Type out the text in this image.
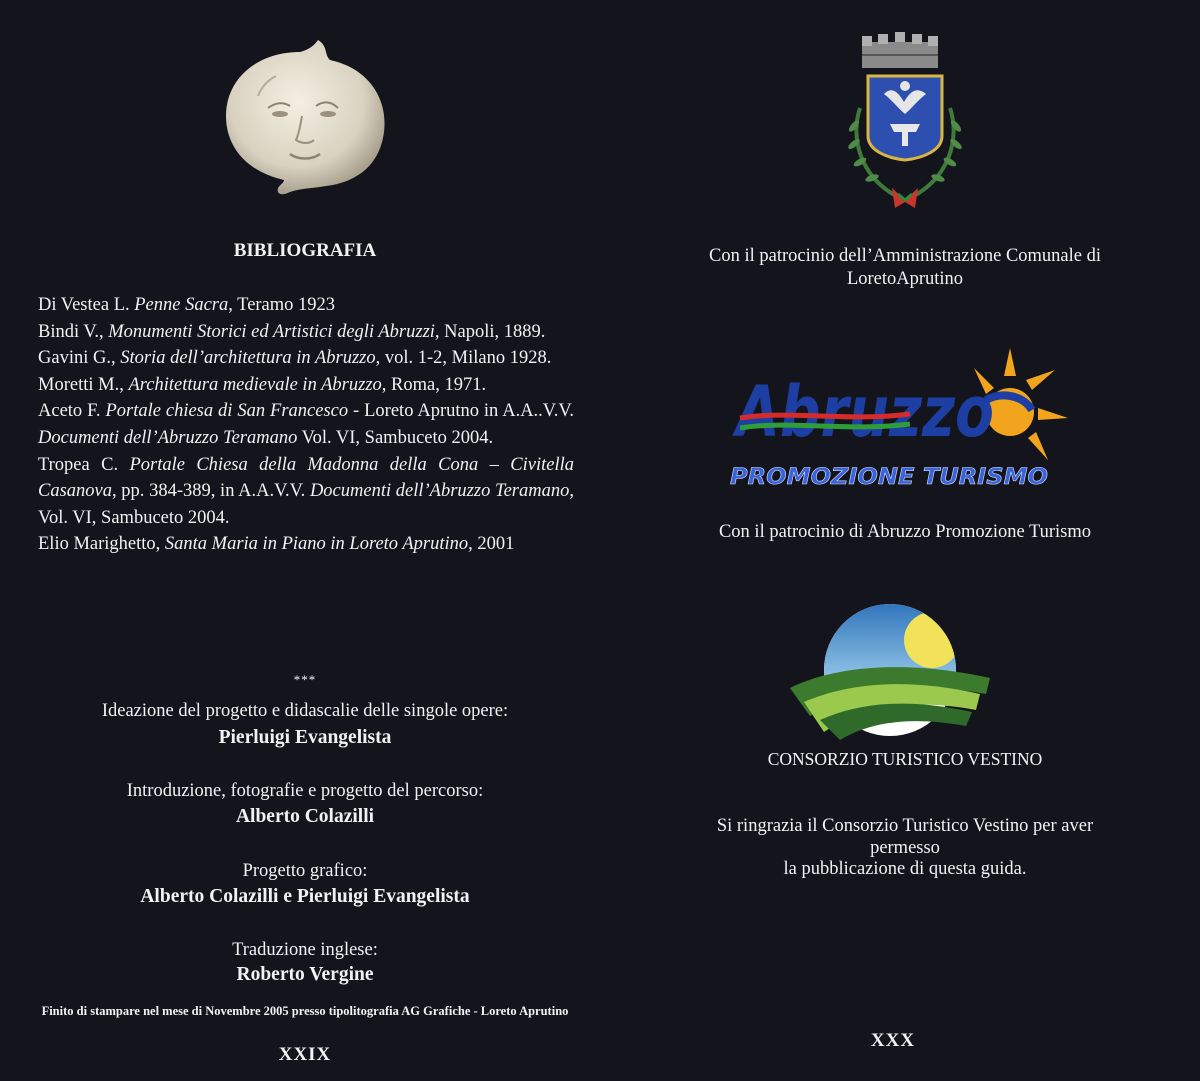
BIBLIOGRAFIA

Di Vestea L. Penne Sacra, Teramo 1923

Bindi V., Monumenti Storici ed Artistici degli Abruzzi, Napoli, 1889.

Gavini G., Storia dell’architettura in Abruzzo, vol. 1-2, Milano 1928.

Moretti M., Architettura medievale in Abruzzo, Roma, 1971.

Aceto F. Portale chiesa di San Francesco - Loreto Aprutno in A.A..V.V. Documenti dell’Abruzzo Teramano Vol. VI, Sambuceto 2004.

Tropea C. Portale Chiesa della Madonna della Cona – Civitella Casanova, pp. 384-389, in A.A.V.V. Documenti dell’Abruzzo Teramano, Vol. VI, Sambuceto 2004.

Elio Marighetto, Santa Maria in Piano in Loreto Aprutino, 2001

***
Ideazione del progetto e didascalie delle singole opere:
Pierluigi Evangelista
Introduzione, fotografie e progetto del percorso:
Alberto Colazilli
Progetto grafico:
Alberto Colazilli e Pierluigi Evangelista
Traduzione inglese:
Roberto Vergine
Finito di stampare nel mese di Novembre 2005 presso tipolitografia AG Grafiche - Loreto Aprutino
XXIX
Con il patrocinio dell’Amministrazione Comunale di
LoretoAprutino
Abruzzo
PROMOZIONE TURISMO
Con il patrocinio di Abruzzo Promozione Turismo
CONSORZIO TURISTICO VESTINO
Si ringrazia il Consorzio Turistico Vestino per aver
permesso
la pubblicazione di questa guida.
XXX
